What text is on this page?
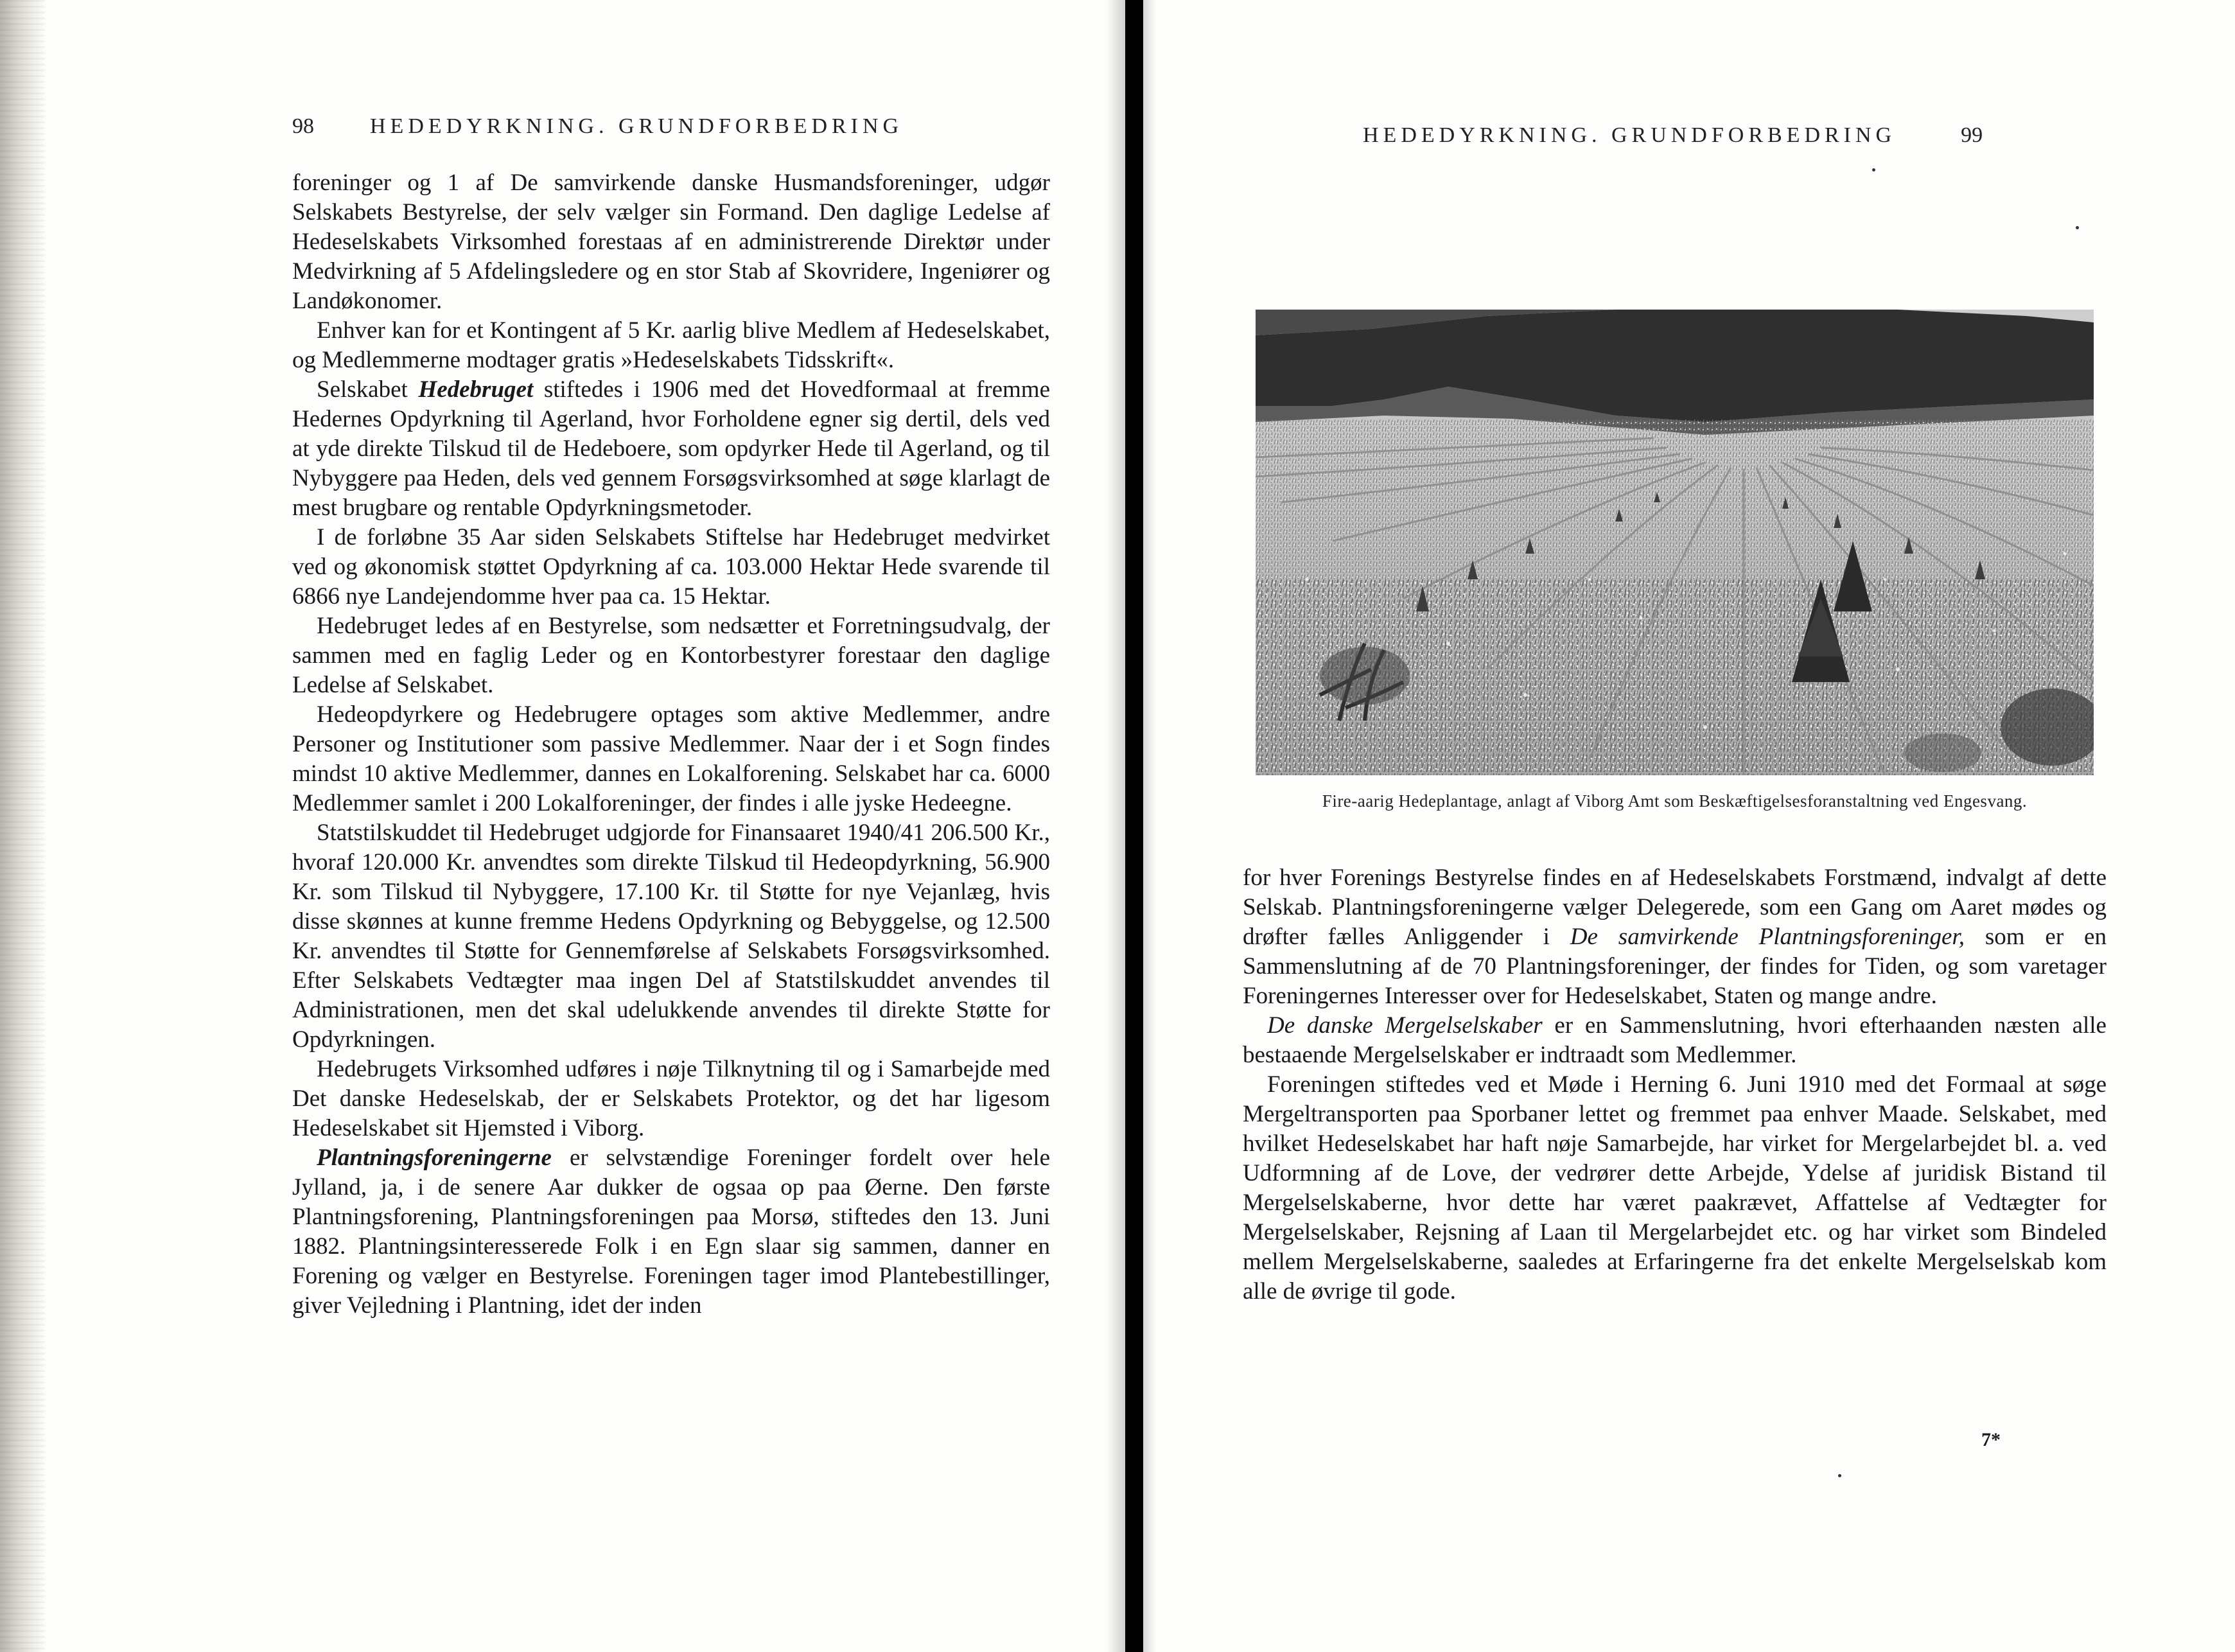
98	HEDEDYRKNING. GRUNDFORBEDRING

foreninger og 1 af De samvirkende danske Husmandsforeninger, udgør Selskabets Bestyrelse, der selv vælger sin Formand. Den daglige Ledelse af Hedeselskabets Virksomhed forestaas af en administrerende Direktør under Medvirkning af 5 Afdelingsledere og en stor Stab af Skovridere, Ingeniører og Landøkonomer.

Enhver kan for et Kontingent af 5 Kr. aarlig blive Medlem af Hedeselskabet, og Medlemmerne modtager gratis »Hedeselskabets Tidsskrift«.

Selskabet Hedebruget stiftedes i 1906 med det Hovedformaal at fremme Hedernes Opdyrkning til Agerland, hvor Forholdene egner sig dertil, dels ved at yde direkte Tilskud til de Hedeboere, som opdyrker Hede til Agerland, og til Nybyggere paa Heden, dels ved gennem Forsøgsvirksomhed at søge klarlagt de mest brugbare og rentable Opdyrkningsmetoder.

I de forløbne 35 Aar siden Selskabets Stiftelse har Hedebruget medvirket ved og økonomisk støttet Opdyrkning af ca. 103.000 Hektar Hede svarende til 6866 nye Landejendomme hver paa ca. 15 Hektar.

Hedebruget ledes af en Bestyrelse, som nedsætter et Forretningsudvalg, der sammen med en faglig Leder og en Kontorbestyrer forestaar den daglige Ledelse af Selskabet.

Hedeopdyrkere og Hedebrugere optages som aktive Medlemmer, andre Personer og Institutioner som passive Medlemmer. Naar der i et Sogn findes mindst 10 aktive Medlemmer, dannes en Lokalforening. Selskabet har ca. 6000 Medlemmer samlet i 200 Lokalforeninger, der findes i alle jyske Hedeegne.

Statstilskuddet til Hedebruget udgjorde for Finansaaret 1940/41 206.500 Kr., hvoraf 120.000 Kr. anvendtes som direkte Tilskud til Hedeopdyrkning, 56.900 Kr. som Tilskud til Nybyggere, 17.100 Kr. til Støtte for nye Vejanlæg, hvis disse skønnes at kunne fremme Hedens Opdyrkning og Bebyggelse, og 12.500 Kr. anvendtes til Støtte for Gennemførelse af Selskabets Forsøgsvirksomhed. Efter Selskabets Vedtægter maa ingen Del af Statstilskuddet anvendes til Administrationen, men det skal udelukkende anvendes til direkte Støtte for Opdyrkningen.

Hedebrugets Virksomhed udføres i nøje Tilknytning til og i Samarbejde med Det danske Hedeselskab, der er Selskabets Protektor, og det har ligesom Hedeselskabet sit Hjemsted i Viborg.

Plantningsforeningerne er selvstændige Foreninger fordelt over hele Jylland, ja, i de senere Aar dukker de ogsaa op paa Øerne. Den første Plantningsforening, Plantningsforeningen paa Morsø, stiftedes den 13. Juni 1882. Plantningsinteresserede Folk i en Egn slaar sig sammen, danner en Forening og vælger en Bestyrelse. Foreningen tager imod Plantebestillinger, giver Vejledning i Plantning, idet der inden

HEDEDYRKNING. GRUNDFORBEDRING	99
Fire-aarig Hedeplantage, anlagt af Viborg Amt som Beskæftigelsesforanstaltning ved Engesvang.

for hver Forenings Bestyrelse findes en af Hedeselskabets Forstmænd, indvalgt af dette Selskab. Plantningsforeningerne vælger Delegerede, som een Gang om Aaret mødes og drøfter fælles Anliggender i De samvirkende Plantningsforeninger, som er en Sammenslutning af de 70 Plantningsforeninger, der findes for Tiden, og som varetager Foreningernes Interesser over for Hedeselskabet, Staten og mange andre.

De danske Mergelselskaber er en Sammenslutning, hvori efterhaanden næsten alle bestaaende Mergelselskaber er indtraadt som Medlemmer.

Foreningen stiftedes ved et Møde i Herning 6. Juni 1910 med det Formaal at søge Mergeltransporten paa Sporbaner lettet og fremmet paa enhver Maade. Selskabet, med hvilket Hedeselskabet har haft nøje Samarbejde, har virket for Mergelarbejdet bl. a. ved Udformning af de Love, der vedrører dette Arbejde, Ydelse af juridisk Bistand til Mergelselskaberne, hvor dette har været paakrævet, Affattelse af Vedtægter for Mergelselskaber, Rejsning af Laan til Mergelarbejdet etc. og har virket som Bindeled mellem Mergelselskaberne, saaledes at Erfaringerne fra det enkelte Mergelselskab kom alle de øvrige til gode.

7*
